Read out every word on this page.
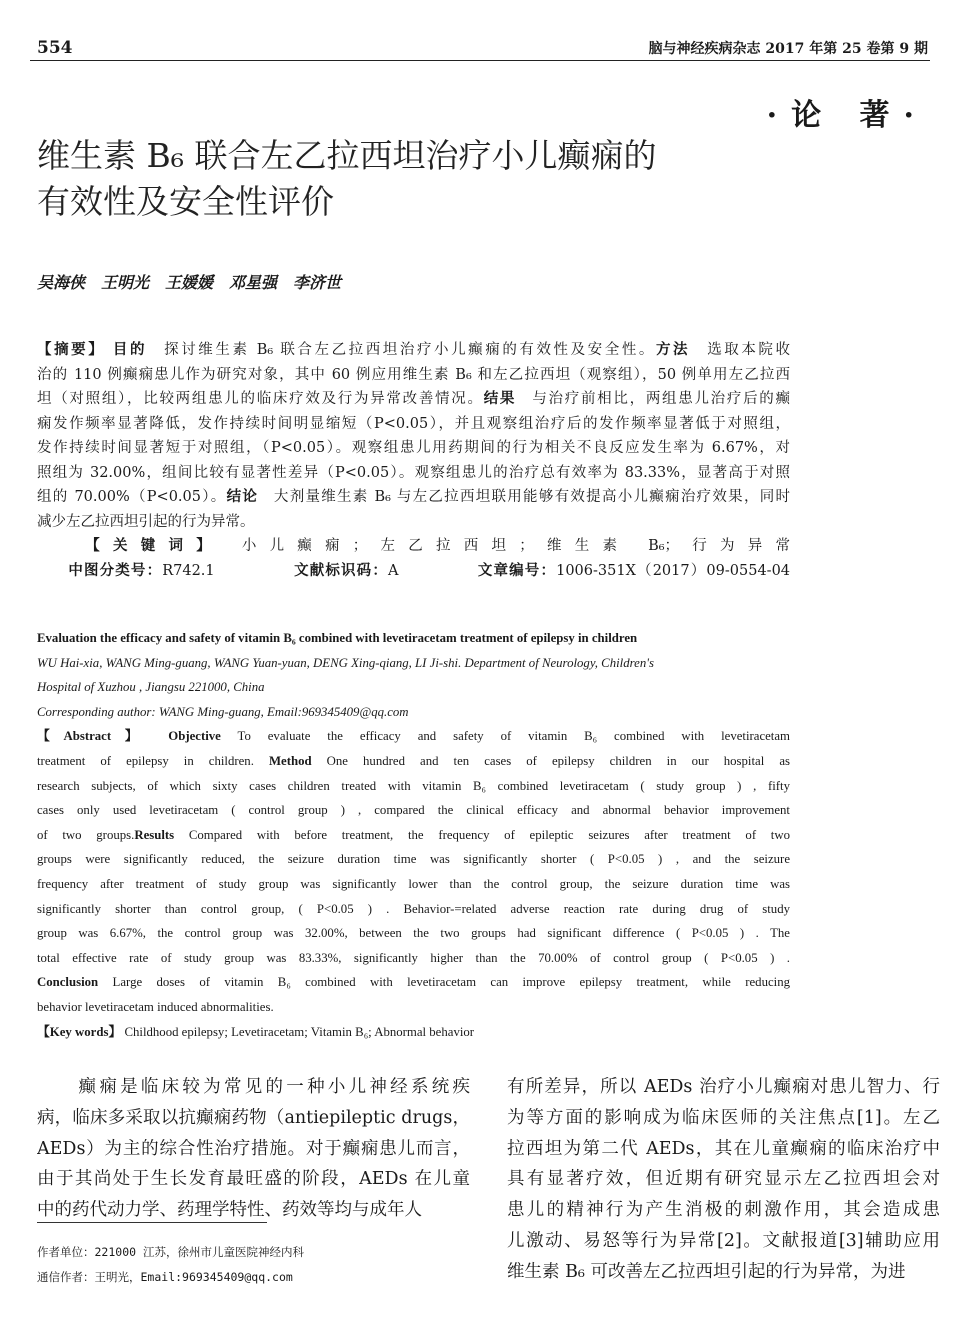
554	脑与神经疾病杂志 2017 年第 25 卷第 9 期
·论 著·
维生素 B₆ 联合左乙拉西坦治疗小儿癫痫的
有效性及安全性评价
吴海侠　王明光　王媛媛　邓星强　李济世
【摘要】 目的　探讨维生素 B₆ 联合左乙拉西坦治疗小儿癫痫的有效性及安全性。方法　选取本院收
治的 110 例癫痫患儿作为研究对象，其中 60 例应用维生素 B₆ 和左乙拉西坦（观察组），50 例单用左乙拉西
坦（对照组），比较两组患儿的临床疗效及行为异常改善情况。结果　与治疗前相比，两组患儿治疗后的癫
痫发作频率显著降低，发作持续时间明显缩短（P<0.05），并且观察组治疗后的发作频率显著低于对照组，
发作持续时间显著短于对照组，（P<0.05）。观察组患儿用药期间的行为相关不良反应发生率为 6.67%，对
照组为 32.00%，组间比较有显著性差异（P<0.05）。观察组患儿的治疗总有效率为 83.33%，显著高于对照
组的 70.00%（P<0.05）。结论　大剂量维生素 B₆ 与左乙拉西坦联用能够有效提高小儿癫痫治疗效果，同时
减少左乙拉西坦引起的行为异常。
　　【关键词】 小儿癫痫；左乙拉西坦；维生素 B₆；行为异常
　　中图分类号：R742.1　　　　　文献标识码：A　　　　　文章编号：1006-351X（2017）09-0554-04
Evaluation the efficacy and safety of vitamin B₆ combined with levetiracetam treatment of epilepsy in children
WU Hai-xia, WANG Ming-guang, WANG Yuan-yuan, DENG Xing-qiang, LI Ji-shi. Department of Neurology, Children's
Hospital of Xuzhou , Jiangsu 221000, China
Corresponding author: WANG Ming-guang, Email:969345409@qq.com
【Abstract】 Objective To evaluate the efficacy and safety of vitamin B₆ combined with levetiracetam
treatment of epilepsy in children. Method One hundred and ten cases of epilepsy children in our hospital as
research subjects, of which sixty cases children treated with vitamin B₆ combined levetiracetam ( study group ) , fifty
cases only used levetiracetam ( control group ) , compared the clinical efficacy and abnormal behavior improvement
of two groups.Results Compared with before treatment, the frequency of epileptic seizures after treatment of two
groups were significantly reduced, the seizure duration time was significantly shorter ( P<0.05 ) , and the seizure
frequency after treatment of study group was significantly lower than the control group, the seizure duration time was
significantly shorter than control group, ( P<0.05 ) . Behavior-=related adverse reaction rate during drug of study
group was 6.67%, the control group was 32.00%, between the two groups had significant difference ( P<0.05 ) . The
total effective rate of study group was 83.33%, significantly higher than the 70.00% of control group ( P<0.05 ) .
Conclusion Large doses of vitamin B₆ combined with levetiracetam can improve epilepsy treatment, while reducing
behavior levetiracetam induced abnormalities.
【Key words】 Childhood epilepsy; Levetiracetam; Vitamin B₆; Abnormal behavior
　　癫痫是临床较为常见的一种小儿神经系统疾
病，临床多采取以抗癫痫药物（antiepileptic drugs，
AEDs）为主的综合性治疗措施。对于癫痫患儿而言，
由于其尚处于生长发育最旺盛的阶段，AEDs 在儿童
中的药代动力学、药理学特性、药效等均与成年人
有所差异，所以 AEDs 治疗小儿癫痫对患儿智力、行
为等方面的影响成为临床医师的关注焦点[1]。左乙
拉西坦为第二代 AEDs，其在儿童癫痫的临床治疗中
具有显著疗效，但近期有研究显示左乙拉西坦会对
患儿的精神行为产生消极的刺激作用，其会造成患
儿激动、易怒等行为异常[2]。文献报道[3]辅助应用
维生素 B₆ 可改善左乙拉西坦引起的行为异常，为进
作者单位：221000 江苏，徐州市儿童医院神经内科
通信作者：王明光，Email:969345409@qq.com
